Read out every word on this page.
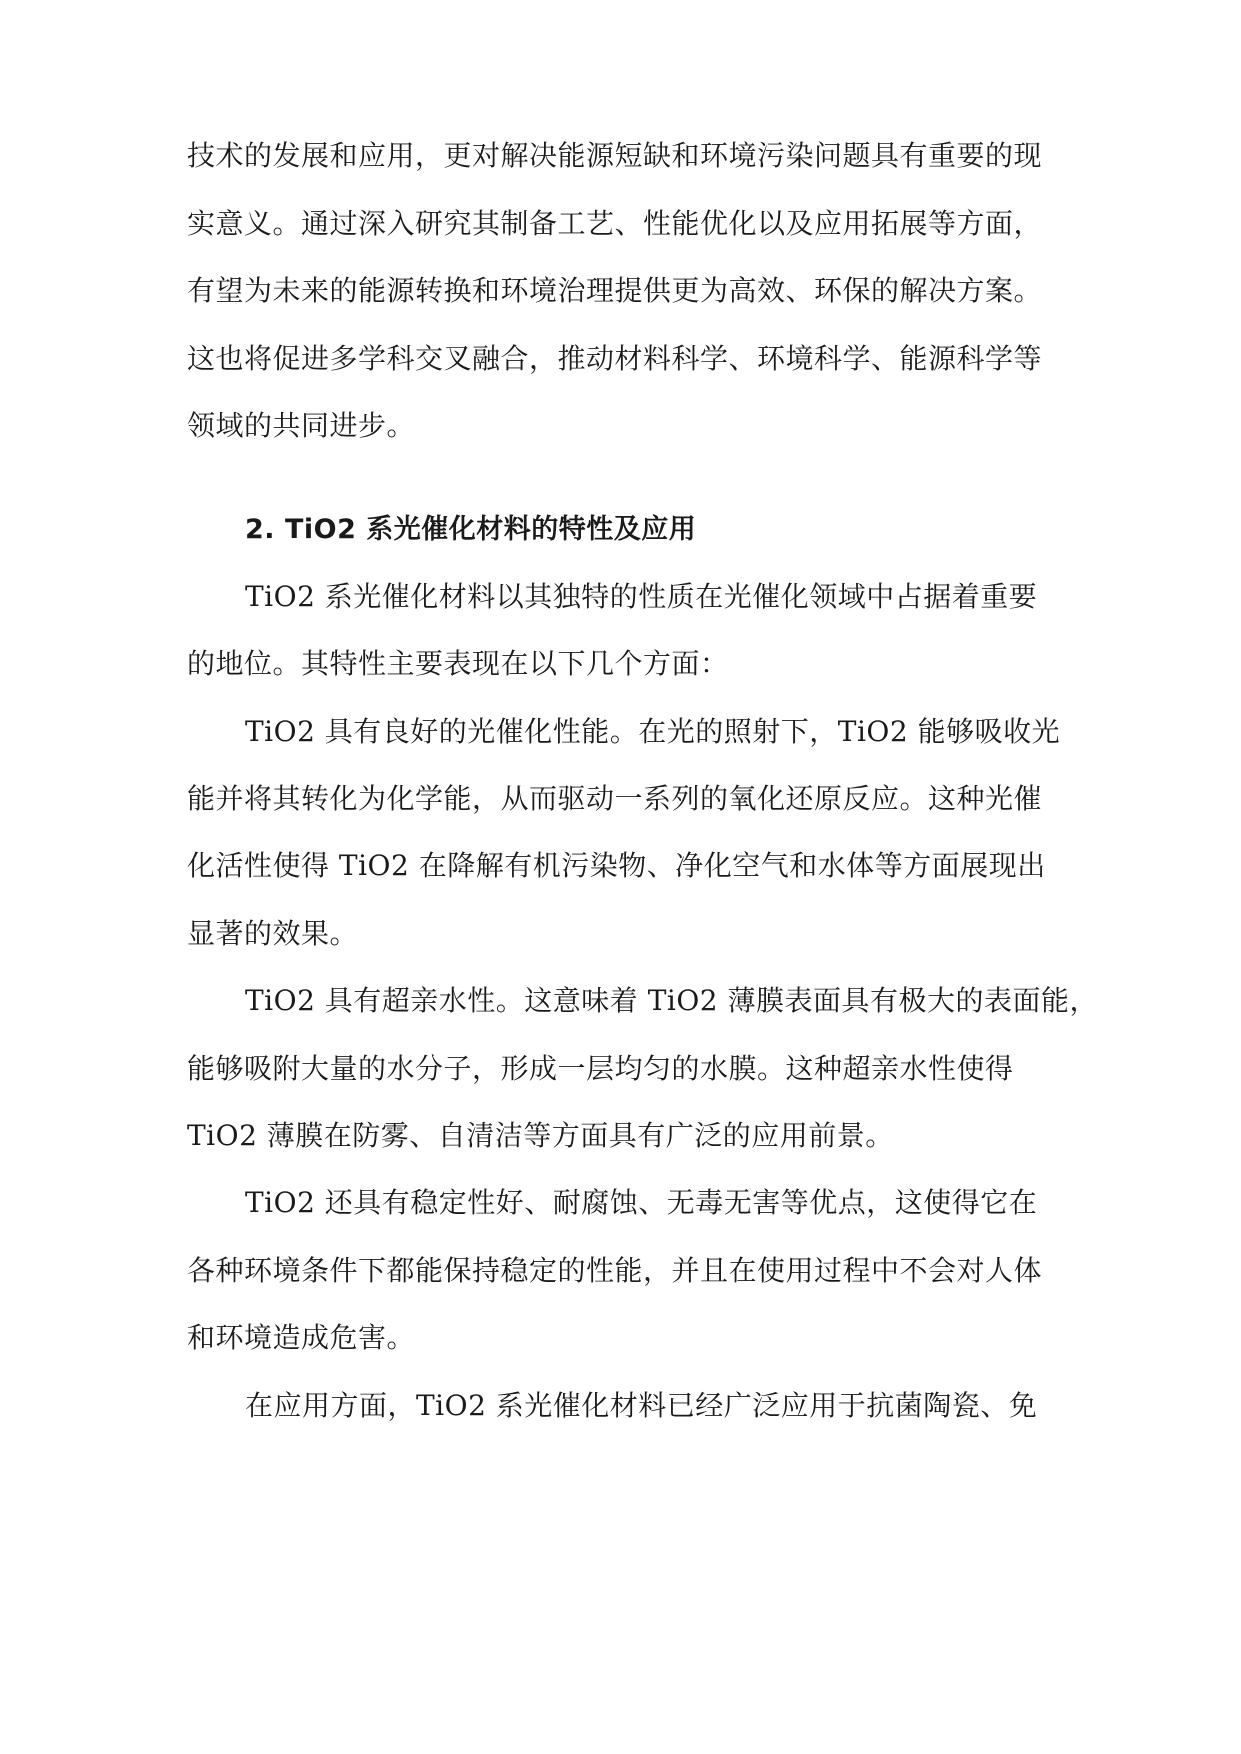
技术的发展和应用，更对解决能源短缺和环境污染问题具有重要的现
实意义。通过深入研究其制备工艺、性能优化以及应用拓展等方面，
有望为未来的能源转换和环境治理提供更为高效、环保的解决方案。
这也将促进多学科交叉融合，推动材料科学、环境科学、能源科学等
领域的共同进步。
2. TiO2 系光催化材料的特性及应用
TiO2 系光催化材料以其独特的性质在光催化领域中占据着重要
的地位。其特性主要表现在以下几个方面：
TiO2 具有良好的光催化性能。在光的照射下，TiO2 能够吸收光
能并将其转化为化学能，从而驱动一系列的氧化还原反应。这种光催
化活性使得 TiO2 在降解有机污染物、净化空气和水体等方面展现出
显著的效果。
TiO2 具有超亲水性。这意味着 TiO2 薄膜表面具有极大的表面能，
能够吸附大量的水分子，形成一层均匀的水膜。这种超亲水性使得
TiO2 薄膜在防雾、自清洁等方面具有广泛的应用前景。
TiO2 还具有稳定性好、耐腐蚀、无毒无害等优点，这使得它在
各种环境条件下都能保持稳定的性能，并且在使用过程中不会对人体
和环境造成危害。
在应用方面，TiO2 系光催化材料已经广泛应用于抗菌陶瓷、免
